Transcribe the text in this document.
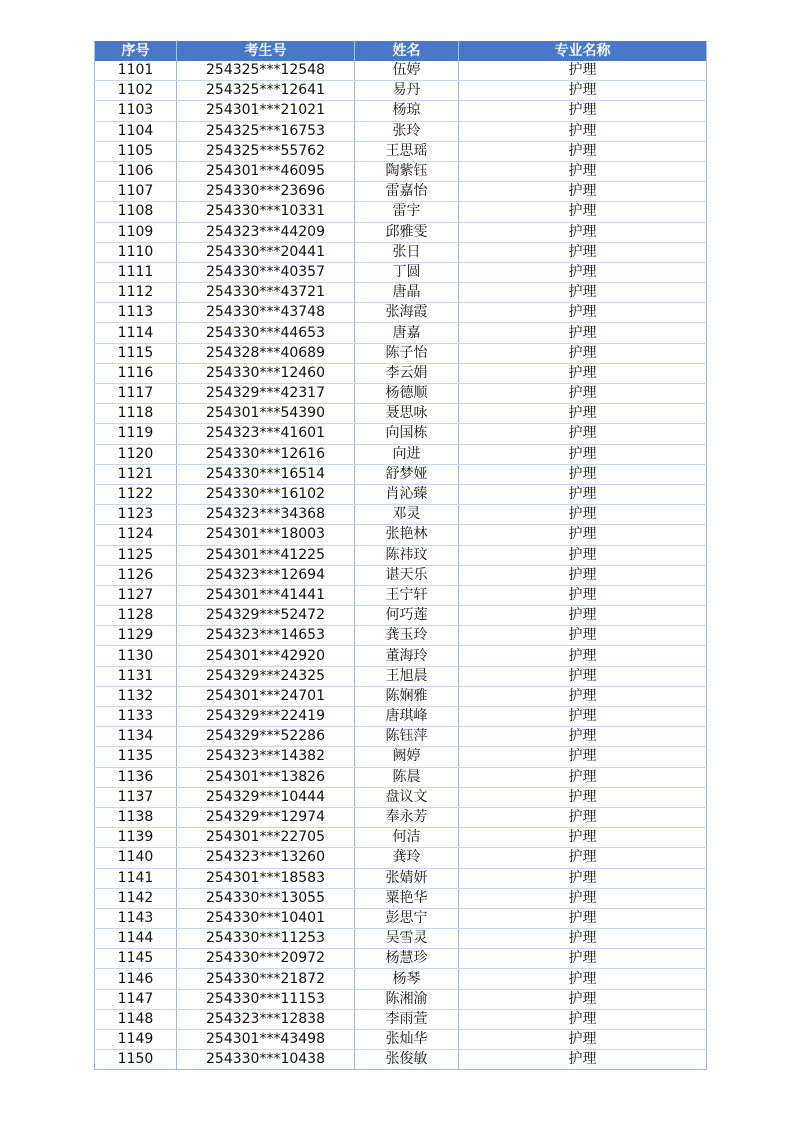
序号	考生号	姓名	专业名称
1101	254325***12548	伍婷	护理
1102	254325***12641	易丹	护理
1103	254301***21021	杨琼	护理
1104	254325***16753	张玲	护理
1105	254325***55762	王思瑶	护理
1106	254301***46095	陶紫钰	护理
1107	254330***23696	雷嘉怡	护理
1108	254330***10331	雷宇	护理
1109	254323***44209	邱雅雯	护理
1110	254330***20441	张日	护理
1111	254330***40357	丁圆	护理
1112	254330***43721	唐晶	护理
1113	254330***43748	张海霞	护理
1114	254330***44653	唐嘉	护理
1115	254328***40689	陈子怡	护理
1116	254330***12460	李云娟	护理
1117	254329***42317	杨德顺	护理
1118	254301***54390	聂思咏	护理
1119	254323***41601	向国栋	护理
1120	254330***12616	向进	护理
1121	254330***16514	舒梦娅	护理
1122	254330***16102	肖沁臻	护理
1123	254323***34368	邓灵	护理
1124	254301***18003	张艳林	护理
1125	254301***41225	陈祎玟	护理
1126	254323***12694	谌天乐	护理
1127	254301***41441	王宁轩	护理
1128	254329***52472	何巧莲	护理
1129	254323***14653	龚玉玲	护理
1130	254301***42920	董海玲	护理
1131	254329***24325	王旭晨	护理
1132	254301***24701	陈娴雅	护理
1133	254329***22419	唐琪峰	护理
1134	254329***52286	陈钰萍	护理
1135	254323***14382	阙婷	护理
1136	254301***13826	陈晨	护理
1137	254329***10444	盘议文	护理
1138	254329***12974	奉永芳	护理
1139	254301***22705	何洁	护理
1140	254323***13260	龚玲	护理
1141	254301***18583	张婧妍	护理
1142	254330***13055	粟艳华	护理
1143	254330***10401	彭思宁	护理
1144	254330***11253	吴雪灵	护理
1145	254330***20972	杨慧珍	护理
1146	254330***21872	杨琴	护理
1147	254330***11153	陈湘渝	护理
1148	254323***12838	李雨萱	护理
1149	254301***43498	张灿华	护理
1150	254330***10438	张俊敏	护理
